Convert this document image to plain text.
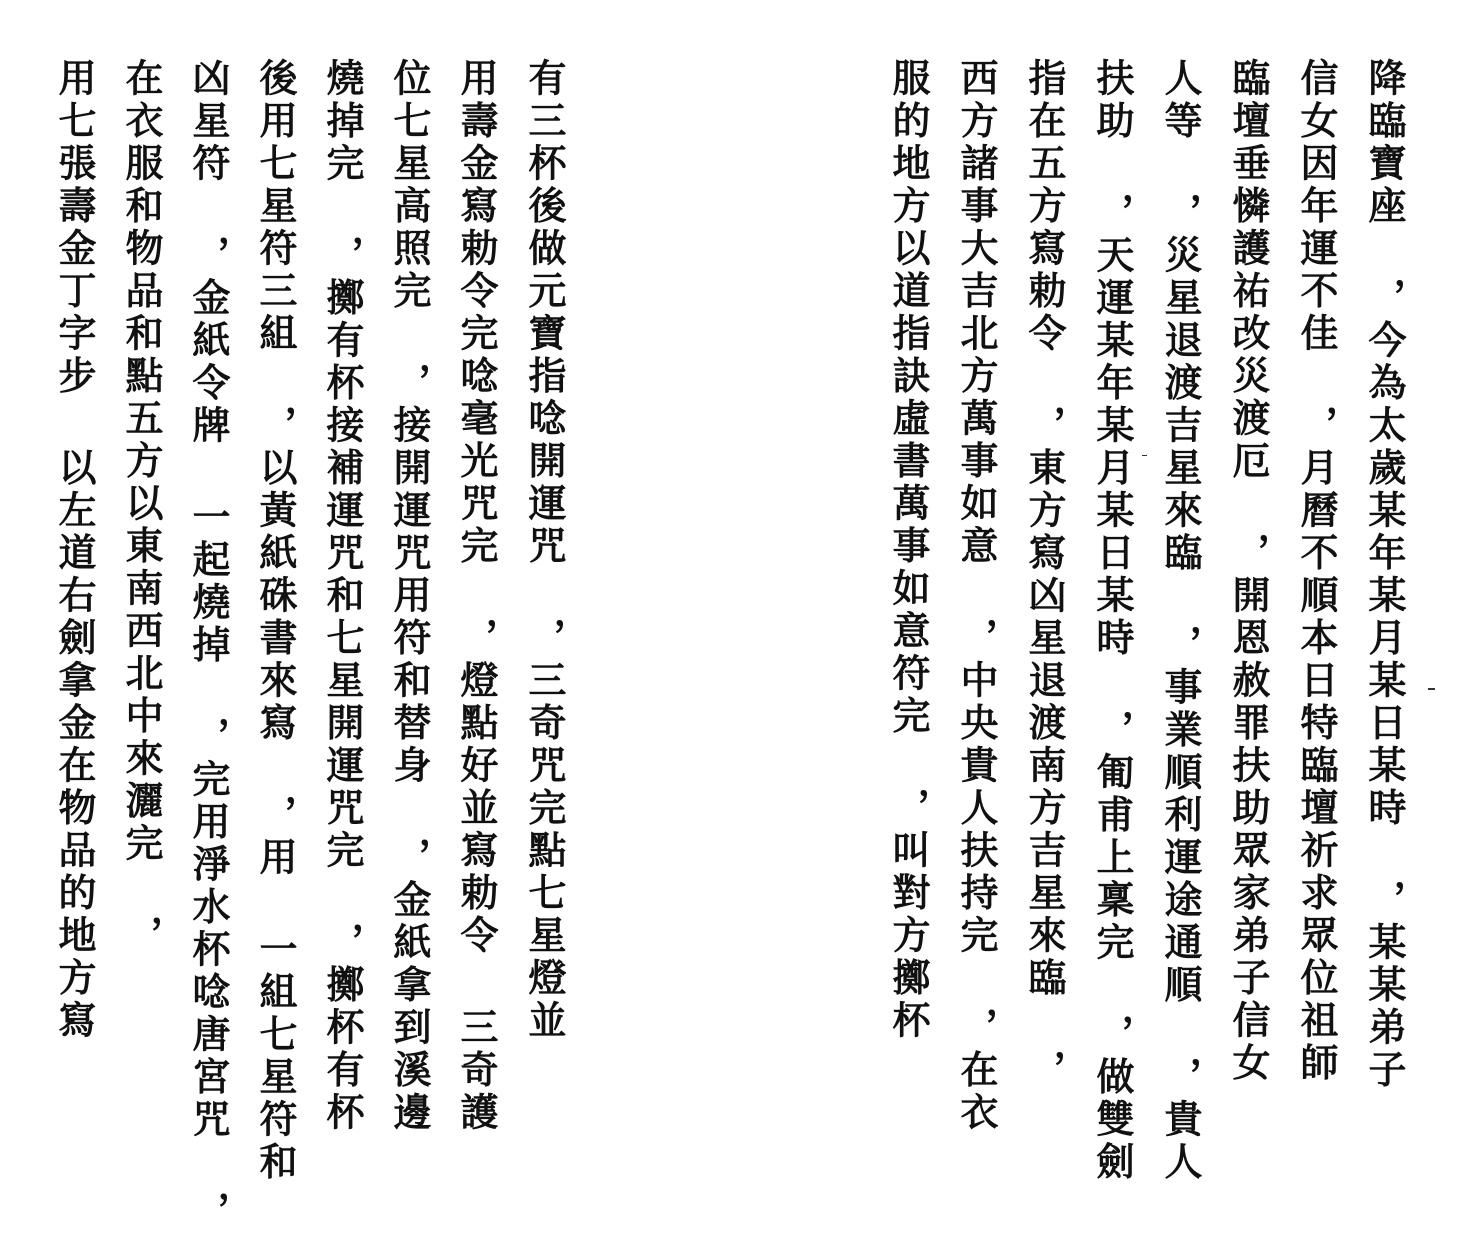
降臨寶座 ，今為太歲某年某月某日某時 ，某某弟子
信女因年運不佳 ，月曆不順本日特臨壇祈求眾位祖師
臨壇垂憐護祐改災渡厄 ，開恩赦罪扶助眾家弟子信女
人等 ，災星退渡吉星來臨 ，事業順利運途通順 ，貴人
扶助 ，天運某年某月某日某時 ，匍甫上稟完 ，做雙劍
指在五方寫勅令 ，東方寫凶星退渡南方吉星來臨 ，
西方諸事大吉北方萬事如意 ，中央貴人扶持完 ，在衣
服的地方以道指訣虛書萬事如意符完 ，叫對方擲杯
有三杯後做元寶指唸開運咒 ，三奇咒完點七星燈並
用壽金寫勅令完唸毫光咒完 ，燈點好並寫勅令 三奇護
位七星高照完 ，接開運咒用符和替身 ，金紙拿到溪邊
燒掉完 ，擲有杯接補運咒和七星開運咒完 ，擲杯有杯
後用七星符三組 ，以黃紙硃書來寫 ，用 一組七星符和
凶星符 ，金紙令牌 一起燒掉 ，完用淨水杯唸唐宮咒 ，
在衣服和物品和點五方以東南西北中來灑完 ，
用七張壽金丁字步 以左道右劍拿金在物品的地方寫
